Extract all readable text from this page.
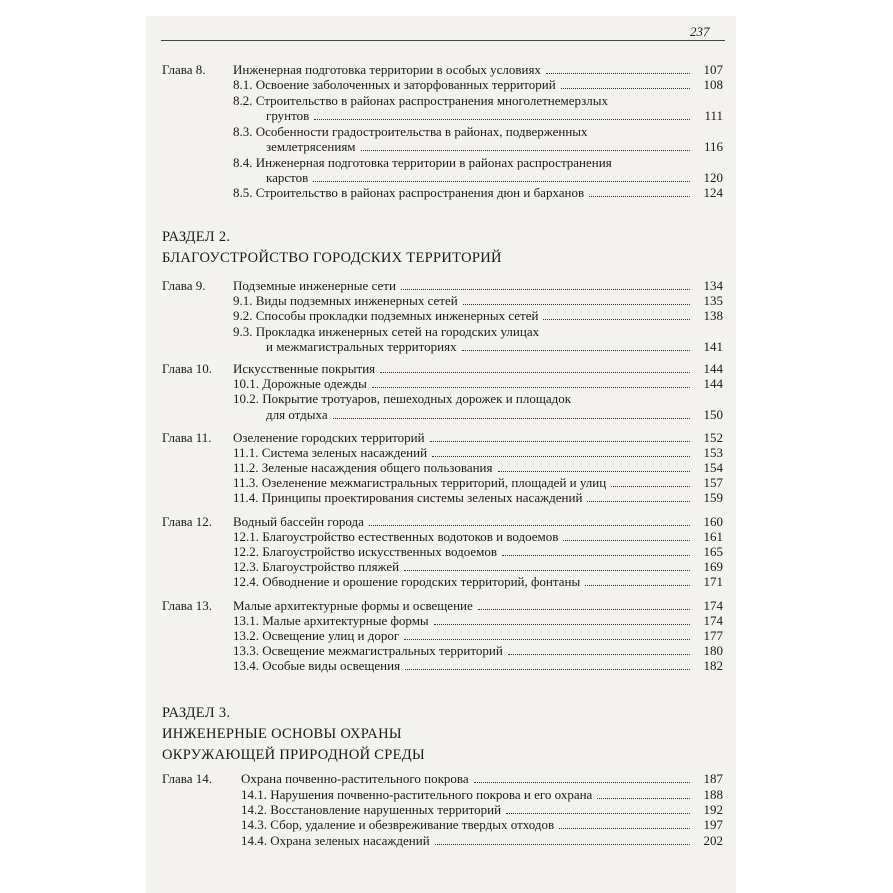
237
Глава 8. Инженерная подготовка территории в особых условиях	107
8.1. Освоение заболоченных и заторфованных территорий	108
8.2. Строительство в районах распространения многолетнемерзлых
грунтов	111
8.3. Особенности градостроительства в районах, подверженных
землетрясениям	116
8.4. Инженерная подготовка территории в районах распространения
карстов	120
8.5. Строительство в районах распространения дюн и барханов	124
Глава 9. Подземные инженерные сети	134
9.1. Виды подземных инженерных сетей	135
9.2. Способы прокладки подземных инженерных сетей	138
9.3. Прокладка инженерных сетей на городских улицах
и межмагистральных территориях	141
Глава 10. Искусственные покрытия	144
10.1. Дорожные одежды	144
10.2. Покрытие тротуаров, пешеходных дорожек и площадок
для отдыха	150
Глава 11. Озеленение городских территорий	152
11.1. Система зеленых насаждений	153
11.2. Зеленые насаждения общего пользования	154
11.3. Озеленение межмагистральных территорий, площадей и улиц	157
11.4. Принципы проектирования системы зеленых насаждений	159
Глава 12. Водный бассейн города	160
12.1. Благоустройство естественных водотоков и водоемов	161
12.2. Благоустройство искусственных водоемов	165
12.3. Благоустройство пляжей	169
12.4. Обводнение и орошение городских территорий, фонтаны	171
Глава 13. Малые архитектурные формы и освещение	174
13.1. Малые архитектурные формы	174
13.2. Освещение улиц и дорог	177
13.3. Освещение межмагистральных территорий	180
13.4. Особые виды освещения	182
Глава 14. Охрана почвенно-растительного покрова	187
14.1. Нарушения почвенно-растительного покрова и его охрана	188
14.2. Восстановление нарушенных территорий	192
14.3. Сбор, удаление и обезвреживание твердых отходов	197
14.4. Охрана зеленых насаждений	202
РАЗДЕЛ 2.
БЛАГОУСТРОЙСТВО ГОРОДСКИХ ТЕРРИТОРИЙ
РАЗДЕЛ 3.
ИНЖЕНЕРНЫЕ ОСНОВЫ ОХРАНЫ
ОКРУЖАЮЩЕЙ ПРИРОДНОЙ СРЕДЫ
